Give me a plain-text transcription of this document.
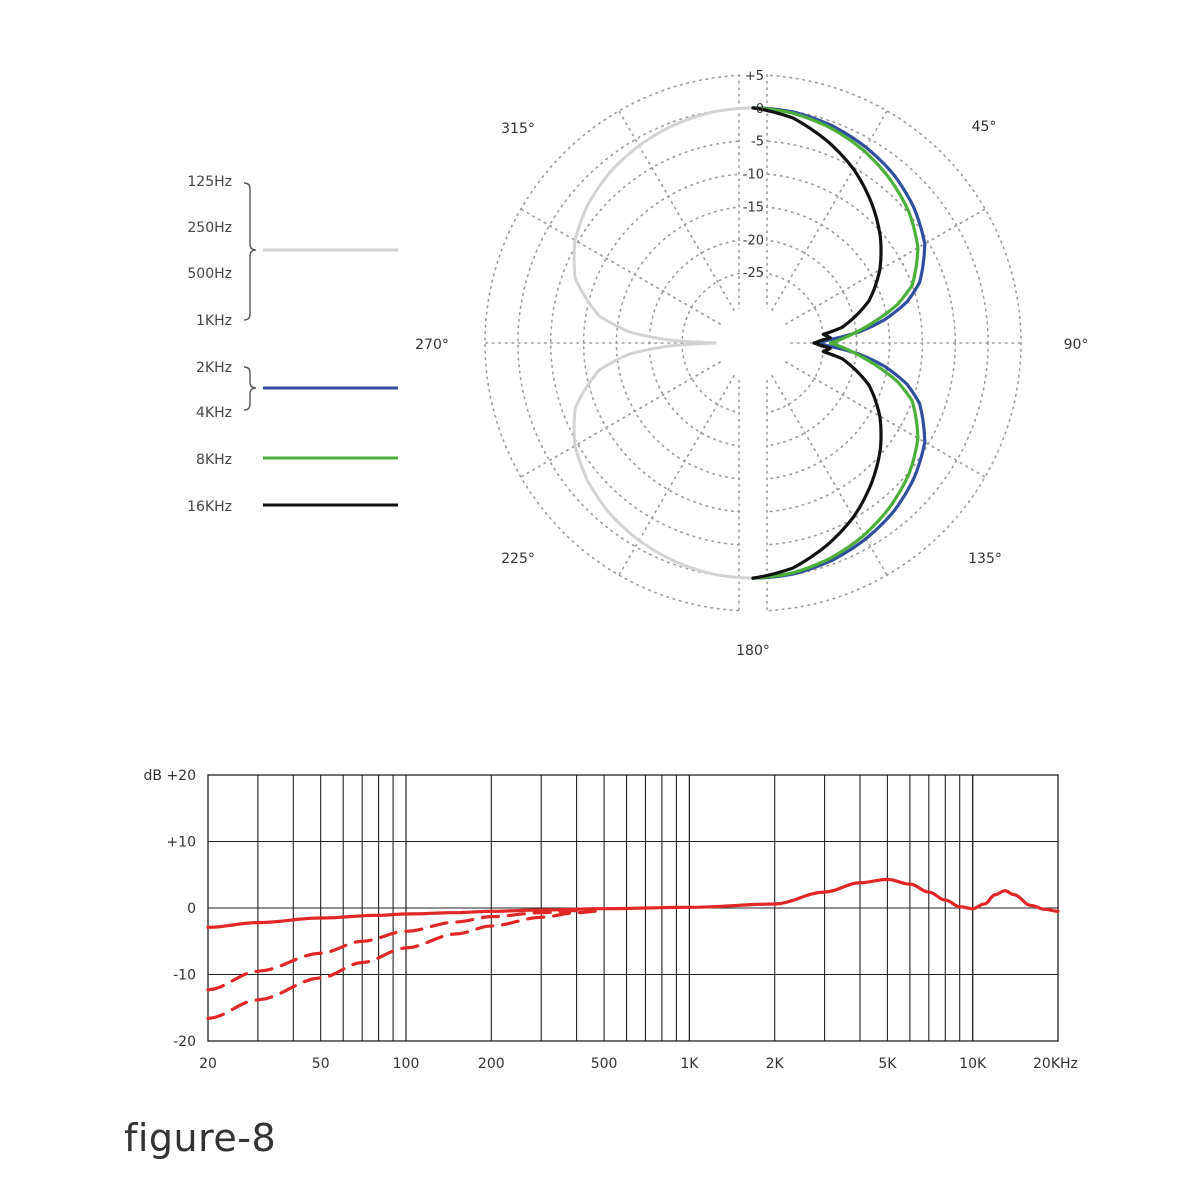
+5
0
-5
-10
-15
-20
-25
45°
90°
135°
180°
225°
270°
315°
125Hz
250Hz
500Hz
1KHz
2KHz
4KHz
8KHz
16KHz
20	50	100	200	500	1K	2K	5K	10K	20KHz
dB +20
+10
0
-10
-20
figure-8
